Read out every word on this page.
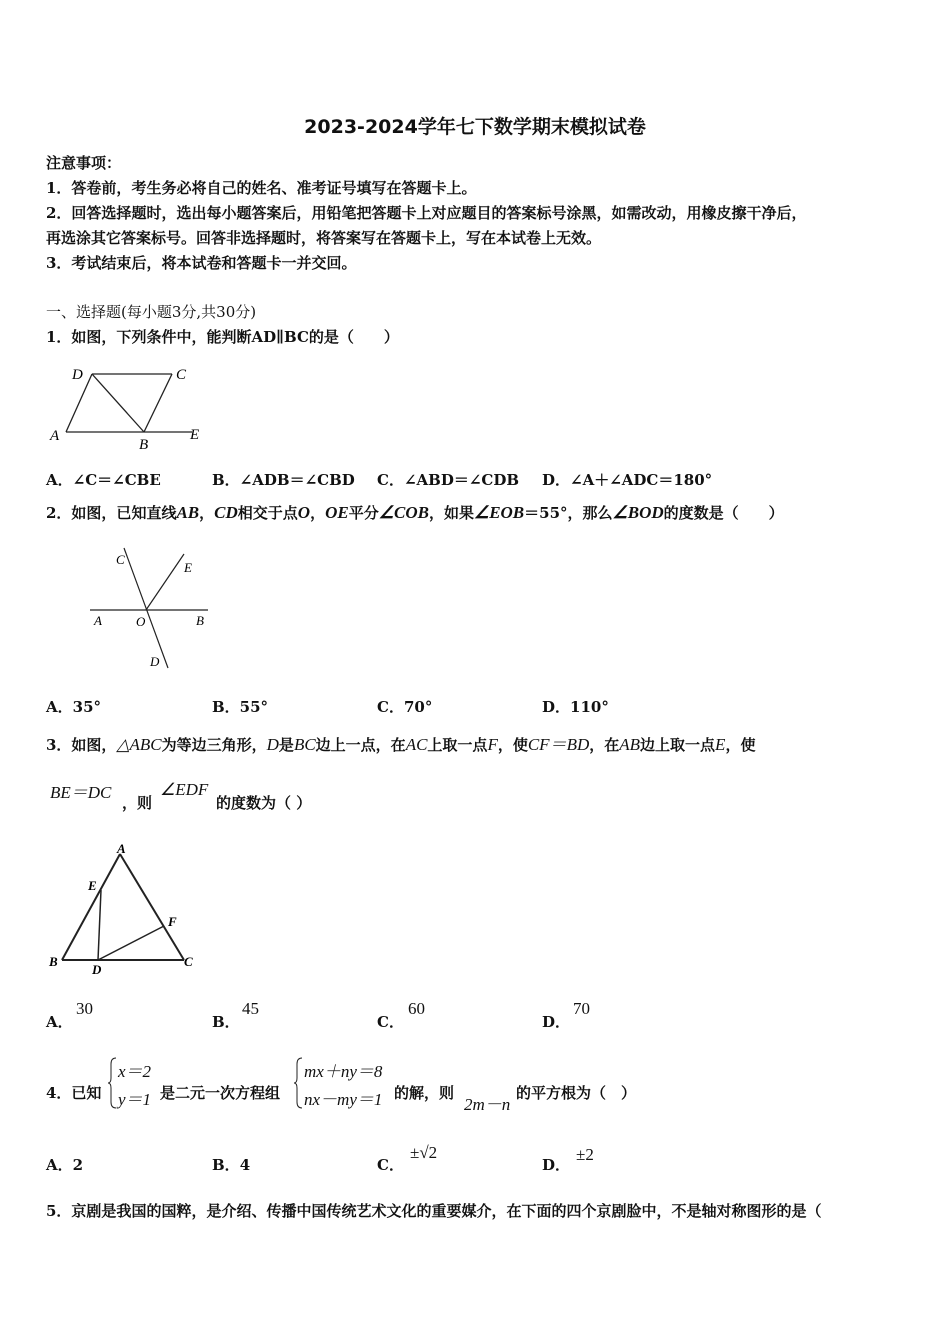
2023-2024学年七下数学期末模拟试卷
注意事项：
1．答卷前，考生务必将自己的姓名、准考证号填写在答题卡上。
2．回答选择题时，选出每小题答案后，用铅笔把答题卡上对应题目的答案标号涂黑，如需改动，用橡皮擦干净后，
再选涂其它答案标号。回答非选择题时，将答案写在答题卡上，写在本试卷上无效。
3．考试结束后，将本试卷和答题卡一并交回。
一、选择题(每小题3分,共30分)
1．如图，下列条件中，能判断AD∥BC的是（　　）
D	C
A
B
E
A．∠C＝∠CBE	B．∠ADB＝∠CBD C．∠ABD＝∠CDB D．∠A＋∠ADC＝180°
2．如图，已知直线AB，CD相交于点O，OE平分∠COB，如果∠EOB＝55°，那么∠BOD的度数是（　　）
C
E
A	O	B
D
A．35°	B．55°	C．70°	D．110°
3．如图，△ABC为等边三角形，D是BC边上一点，在AC上取一点F，使CF＝BD，在AB边上取一点E，使
BE＝DC
，则
∠EDF
的度数为（ ）
A
E
F
B
D
C
A．
30
B．
45
C．
60
D．
70
4．已知
x＝2
y＝1 是二元一次方程组
mx＋ny＝8
nx－my＝1 的解，则
2m－n
的平方根为（　）
A．2	B．4	C．
±√2
D．
±2
5．京剧是我国的国粹，是介绍、传播中国传统艺术文化的重要媒介，在下面的四个京剧脸中，不是轴对称图形的是（
